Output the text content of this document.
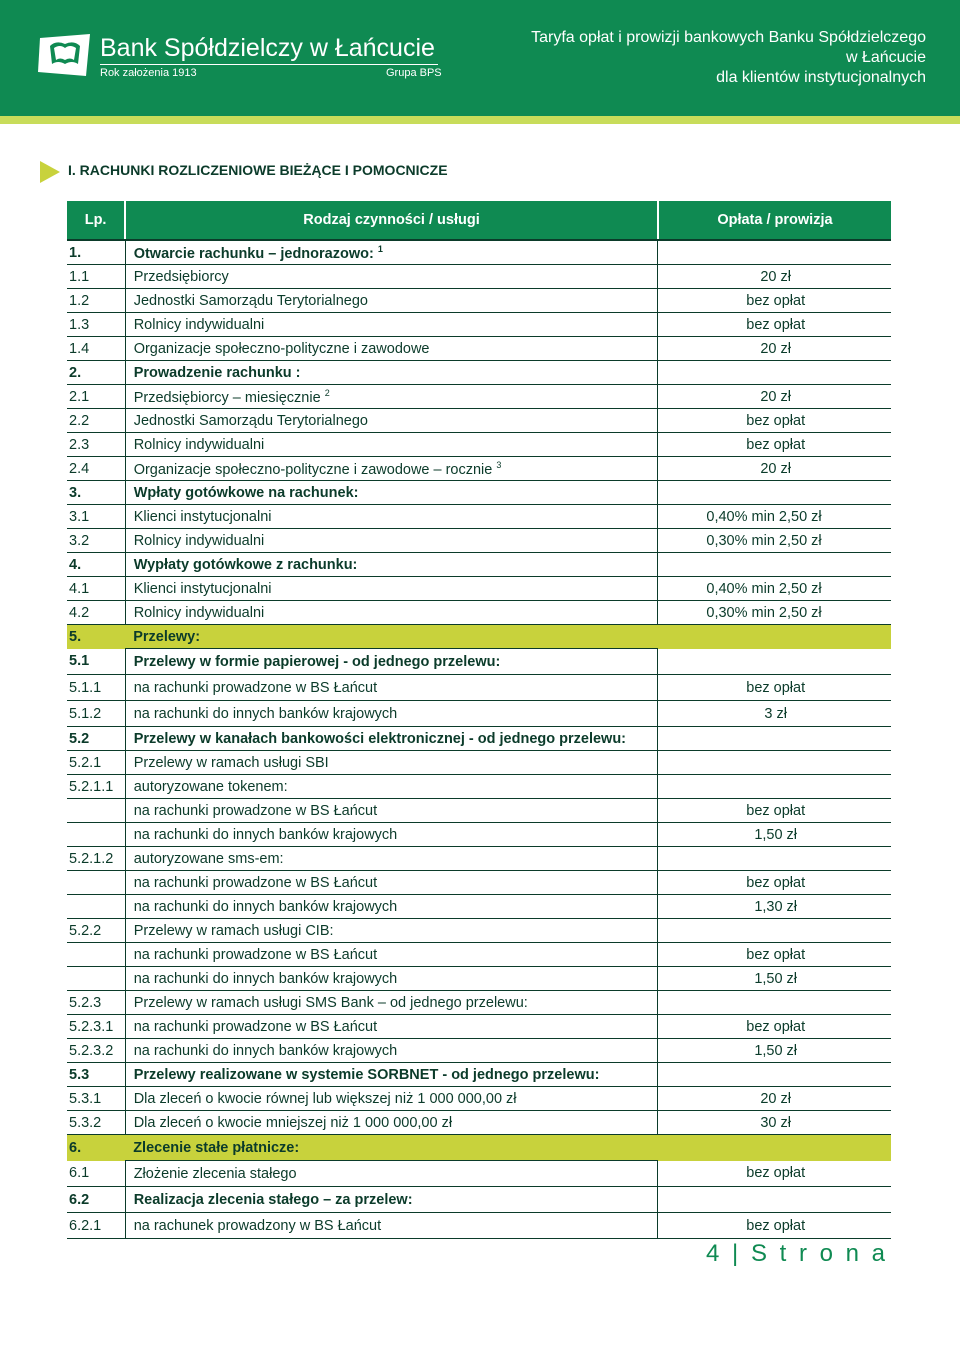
Bank Spółdzielczy w Łańcucie
Rok założenia 1913	Grupa BPS
Taryfa opłat i prowizji bankowych Banku Spółdzielczego
w Łańcucie
dla klientów instytucjonalnych
I. RACHUNKI ROZLICZENIOWE BIEŻĄCE I POMOCNICZE
Lp.	Rodzaj czynności / usługi	Opłata / prowizja
1.	Otwarcie rachunku – jednorazowo: $^1$	
1.1	Przedsiębiorcy	20 zł
1.2	Jednostki Samorządu Terytorialnego	bez opłat
1.3	Rolnicy indywidualni	bez opłat
1.4	Organizacje społeczno-polityczne i zawodowe	20 zł
2.	Prowadzenie rachunku :	
2.1	Przedsiębiorcy – miesięcznie $^2$	20 zł
2.2	Jednostki Samorządu Terytorialnego	bez opłat
2.3	Rolnicy indywidualni	bez opłat
2.4	Organizacje społeczno-polityczne i zawodowe – rocznie $^3$	20 zł
3.	Wpłaty gotówkowe na rachunek:	
3.1	Klienci instytucjonalni	0,40% min 2,50 zł
3.2	Rolnicy indywidualni	0,30% min 2,50 zł
4.	Wypłaty gotówkowe z rachunku:	
4.1	Klienci instytucjonalni	0,40% min 2,50 zł
4.2	Rolnicy indywidualni	0,30% min 2,50 zł
5.	Przelewy:	
5.1	Przelewy w formie papierowej - od jednego przelewu:	
5.1.1	na rachunki prowadzone w BS Łańcut	bez opłat
5.1.2	na rachunki do innych banków krajowych	3 zł
5.2	Przelewy w kanałach bankowości elektronicznej - od jednego przelewu:	
5.2.1	Przelewy w ramach usługi SBI	
5.2.1.1	autoryzowane tokenem:	
	na rachunki prowadzone w BS Łańcut	bez opłat
	na rachunki do innych banków krajowych	1,50 zł
5.2.1.2	autoryzowane sms-em:	
	na rachunki prowadzone w BS Łańcut	bez opłat
	na rachunki do innych banków krajowych	1,30 zł
5.2.2	Przelewy w ramach usługi CIB:	
	na rachunki prowadzone w BS Łańcut	bez opłat
	na rachunki do innych banków krajowych	1,50 zł
5.2.3	Przelewy w ramach usługi SMS Bank – od jednego przelewu:	
5.2.3.1	na rachunki prowadzone w BS Łańcut	bez opłat
5.2.3.2	na rachunki do innych banków krajowych	1,50 zł
5.3	Przelewy realizowane w systemie SORBNET - od jednego przelewu:	
5.3.1	Dla zleceń o kwocie równej lub większej niż 1 000 000,00 zł	20 zł
5.3.2	Dla zleceń o kwocie mniejszej niż 1 000 000,00 zł	30 zł
6.	Zlecenie stałe płatnicze:	
6.1	Złożenie zlecenia stałego	bez opłat
6.2	Realizacja zlecenia stałego – za przelew:	
6.2.1	na rachunek prowadzony w BS Łańcut	bez opłat
4 | S t r o n a
